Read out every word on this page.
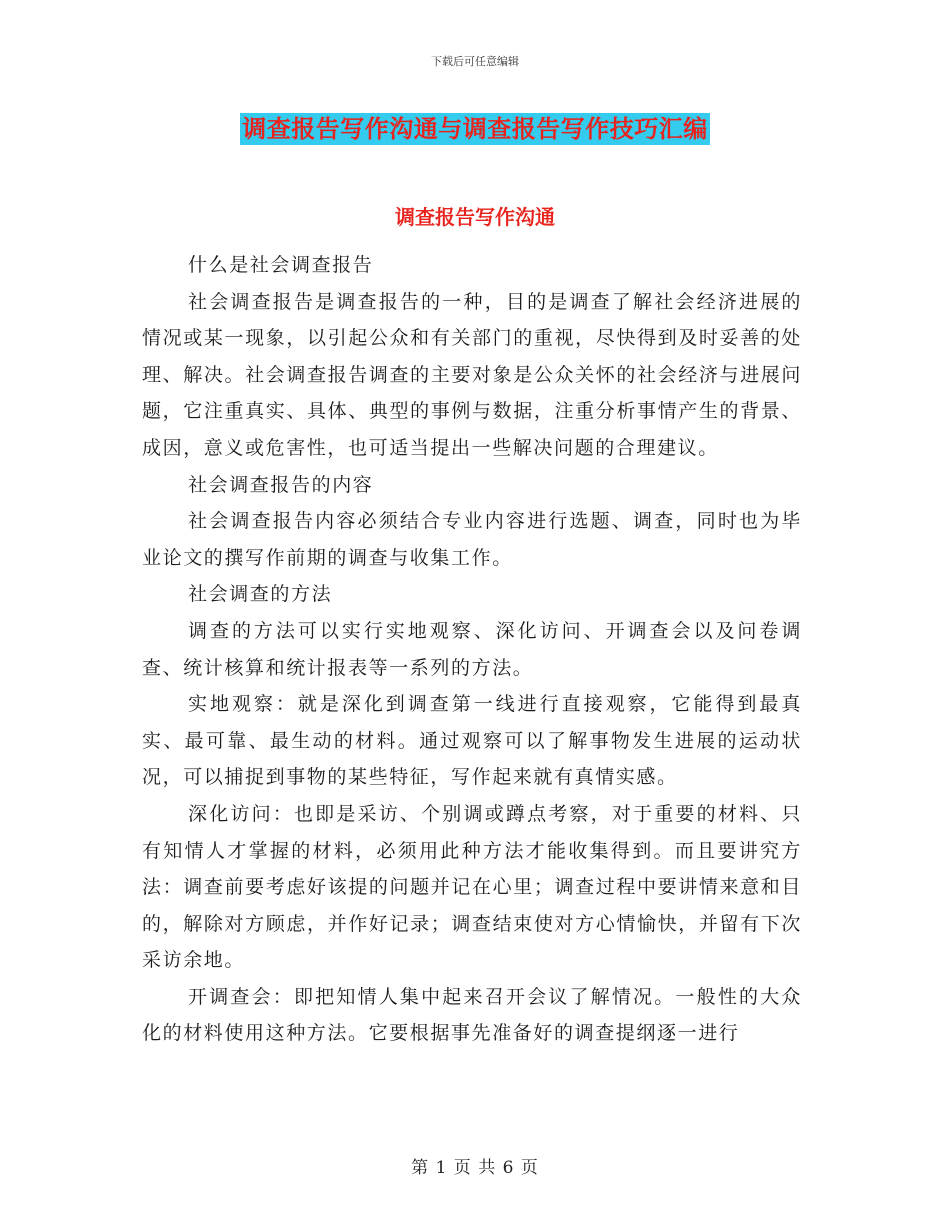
下载后可任意编辑
调查报告写作沟通与调查报告写作技巧汇编
调查报告写作沟通

什么是社会调查报告

社会调查报告是调查报告的一种，目的是调查了解社会经济进展的情况或某一现象，以引起公众和有关部门的重视，尽快得到及时妥善的处理、解决。社会调查报告调查的主要对象是公众关怀的社会经济与进展问题，它注重真实、具体、典型的事例与数据，注重分析事情产生的背景、成因，意义或危害性，也可适当提出一些解决问题的合理建议。

社会调查报告的内容

社会调查报告内容必须结合专业内容进行选题、调查，同时也为毕业论文的撰写作前期的调查与收集工作。

社会调查的方法

调查的方法可以实行实地观察、深化访问、开调查会以及问卷调查、统计核算和统计报表等一系列的方法。

实地观察：就是深化到调查第一线进行直接观察，它能得到最真实、最可靠、最生动的材料。通过观察可以了解事物发生进展的运动状况，可以捕捉到事物的某些特征，写作起来就有真情实感。

深化访问：也即是采访、个别调或蹲点考察，对于重要的材料、只有知情人才掌握的材料，必须用此种方法才能收集得到。而且要讲究方法：调查前要考虑好该提的问题并记在心里；调查过程中要讲情来意和目的，解除对方顾虑，并作好记录；调查结束使对方心情愉快，并留有下次采访余地。

开调查会：即把知情人集中起来召开会议了解情况。一般性的大众化的材料使用这种方法。它要根据事先准备好的调查提纲逐一进行

第 1 页 共 6 页
